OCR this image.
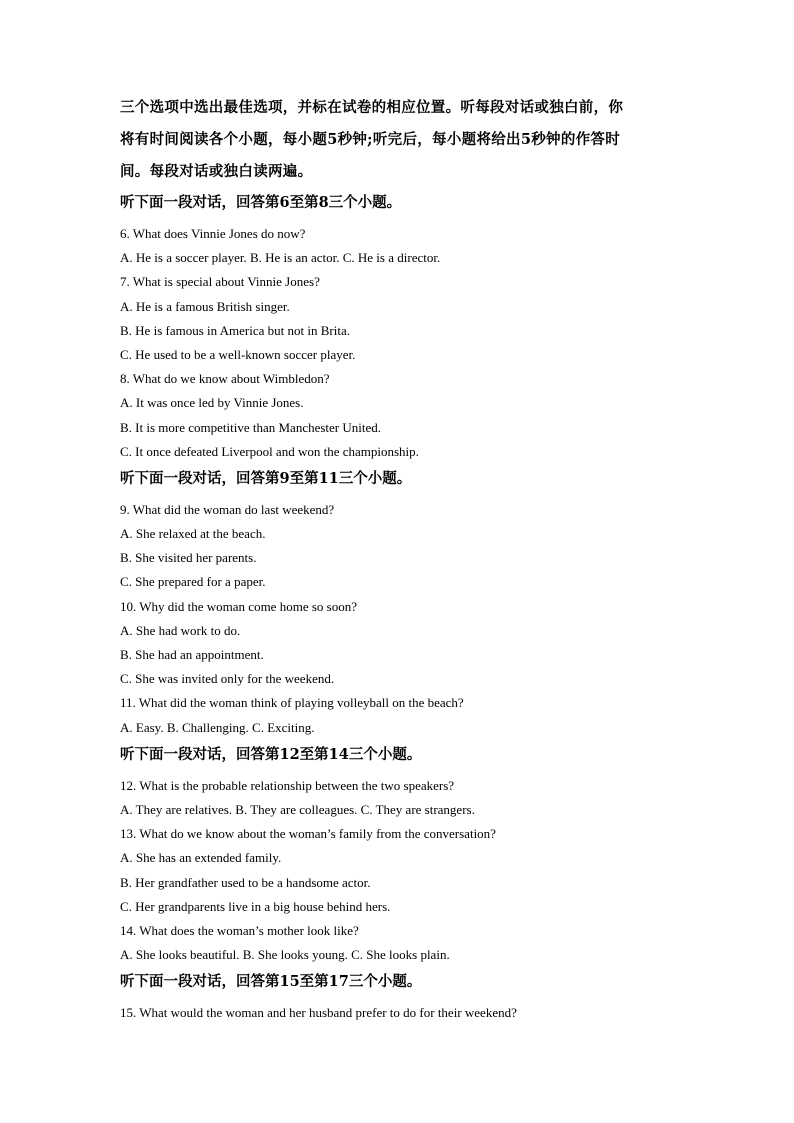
三个选项中选出最佳选项，并标在试卷的相应位置。听每段对话或独白前，你
将有时间阅读各个小题，每小题5秒钟;听完后，每小题将给出5秒钟的作答时
间。每段对话或独白读两遍。
听下面一段对话，回答第6至第8三个小题。
6. What does Vinnie Jones do now?
A. He is a soccer player. B. He is an actor. C. He is a director.
7. What is special about Vinnie Jones?
A. He is a famous British singer.
B. He is famous in America but not in Brita.
C. He used to be a well-known soccer player.
8. What do we know about Wimbledon?
A. It was once led by Vinnie Jones.
B. It is more competitive than Manchester United.
C. It once defeated Liverpool and won the championship.
听下面一段对话，回答第9至第11三个小题。
9. What did the woman do last weekend?
A. She relaxed at the beach.
B. She visited her parents.
C. She prepared for a paper.
10. Why did the woman come home so soon?
A. She had work to do.
B. She had an appointment.
C. She was invited only for the weekend.
11. What did the woman think of playing volleyball on the beach?
A. Easy. B. Challenging. C. Exciting.
听下面一段对话，回答第12至第14三个小题。
12. What is the probable relationship between the two speakers?
A. They are relatives. B. They are colleagues. C. They are strangers.
13. What do we know about the woman’s family from the conversation?
A. She has an extended family.
B. Her grandfather used to be a handsome actor.
C. Her grandparents live in a big house behind hers.
14. What does the woman’s mother look like?
A. She looks beautiful. B. She looks young. C. She looks plain.
听下面一段对话，回答第15至第17三个小题。
15. What would the woman and her husband prefer to do for their weekend?
